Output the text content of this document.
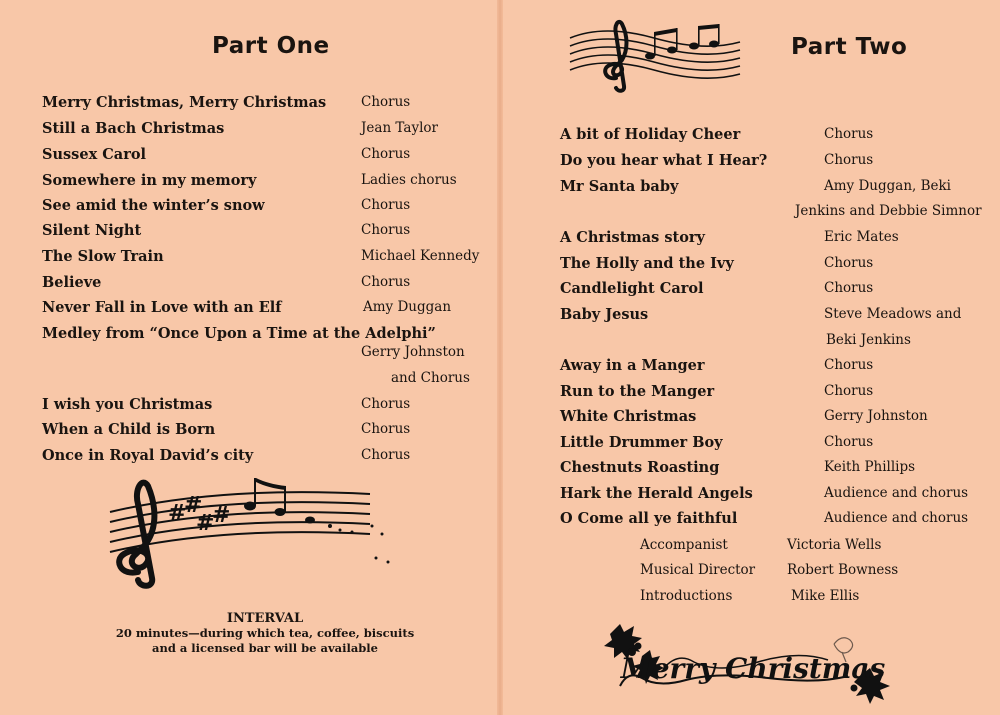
Part One
Merry Christmas, Merry Christmas	Chorus
Still a Bach Christmas	Jean Taylor
Sussex Carol	Chorus
Somewhere in my memory	Ladies chorus
See amid the winter’s snow	Chorus
Silent Night	Chorus
The Slow Train	Michael Kennedy
Believe	Chorus
Never Fall in Love with an Elf	Amy Duggan
Medley from “Once Upon a Time at the Adelphi”
Gerry Johnston
and Chorus
I wish you Christmas	Chorus
When a Child is Born	Chorus
Once in Royal David’s city	Chorus
#
#
#
#
INTERVAL
20 minutes—during which tea, coffee, biscuits
and a licensed bar will be available
Part Two
A bit of Holiday Cheer	Chorus
Do you hear what I Hear?	Chorus
Mr Santa baby	Amy Duggan, Beki
Jenkins and Debbie Simnor
A Christmas story	Eric Mates
The Holly and the Ivy	Chorus
Candlelight Carol	Chorus
Baby Jesus	Steve Meadows and
Beki Jenkins
Away in a Manger	Chorus
Run to the Manger	Chorus
White Christmas	Gerry Johnston
Little Drummer Boy	Chorus
Chestnuts Roasting	Keith Phillips
Hark the Herald Angels	Audience and chorus
O Come all ye faithful	Audience and chorus
Accompanist	Victoria Wells
Musical Director Robert Bowness
Introductions	Mike Ellis
Merry Christmas
